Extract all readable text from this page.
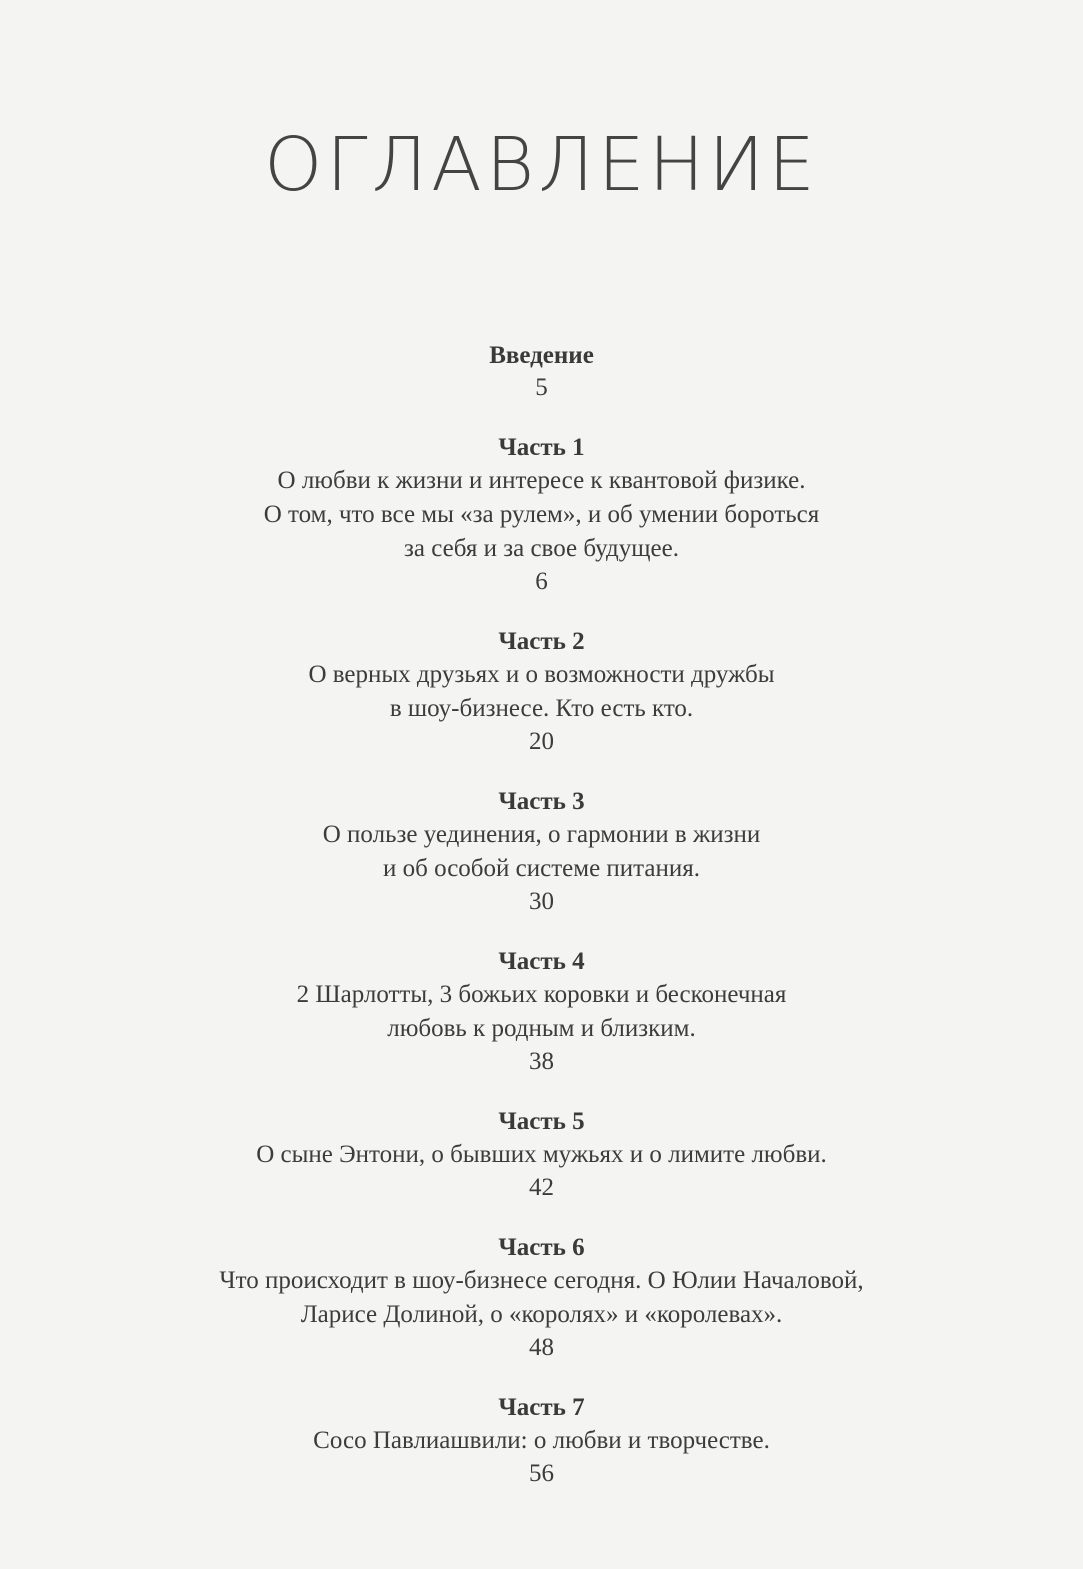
ОГЛАВЛЕНИЕ
Введение
5
Часть 1
О любви к жизни и интересе к квантовой физике.
О том, что все мы «за рулем», и об умении бороться
за себя и за свое будущее.
6
Часть 2
О верных друзьях и о возможности дружбы
в шоу-бизнесе. Кто есть кто.
20
Часть 3
О пользе уединения, о гармонии в жизни
и об особой системе питания.
30
Часть 4
2 Шарлотты, 3 божьих коровки и бесконечная
любовь к родным и близким.
38
Часть 5
О сыне Энтони, о бывших мужьях и о лимите любви.
42
Часть 6
Что происходит в шоу-бизнесе сегодня. О Юлии Началовой,
Ларисе Долиной, о «королях» и «королевах».
48
Часть 7
Сосо Павлиашвили: о любви и творчестве.
56
